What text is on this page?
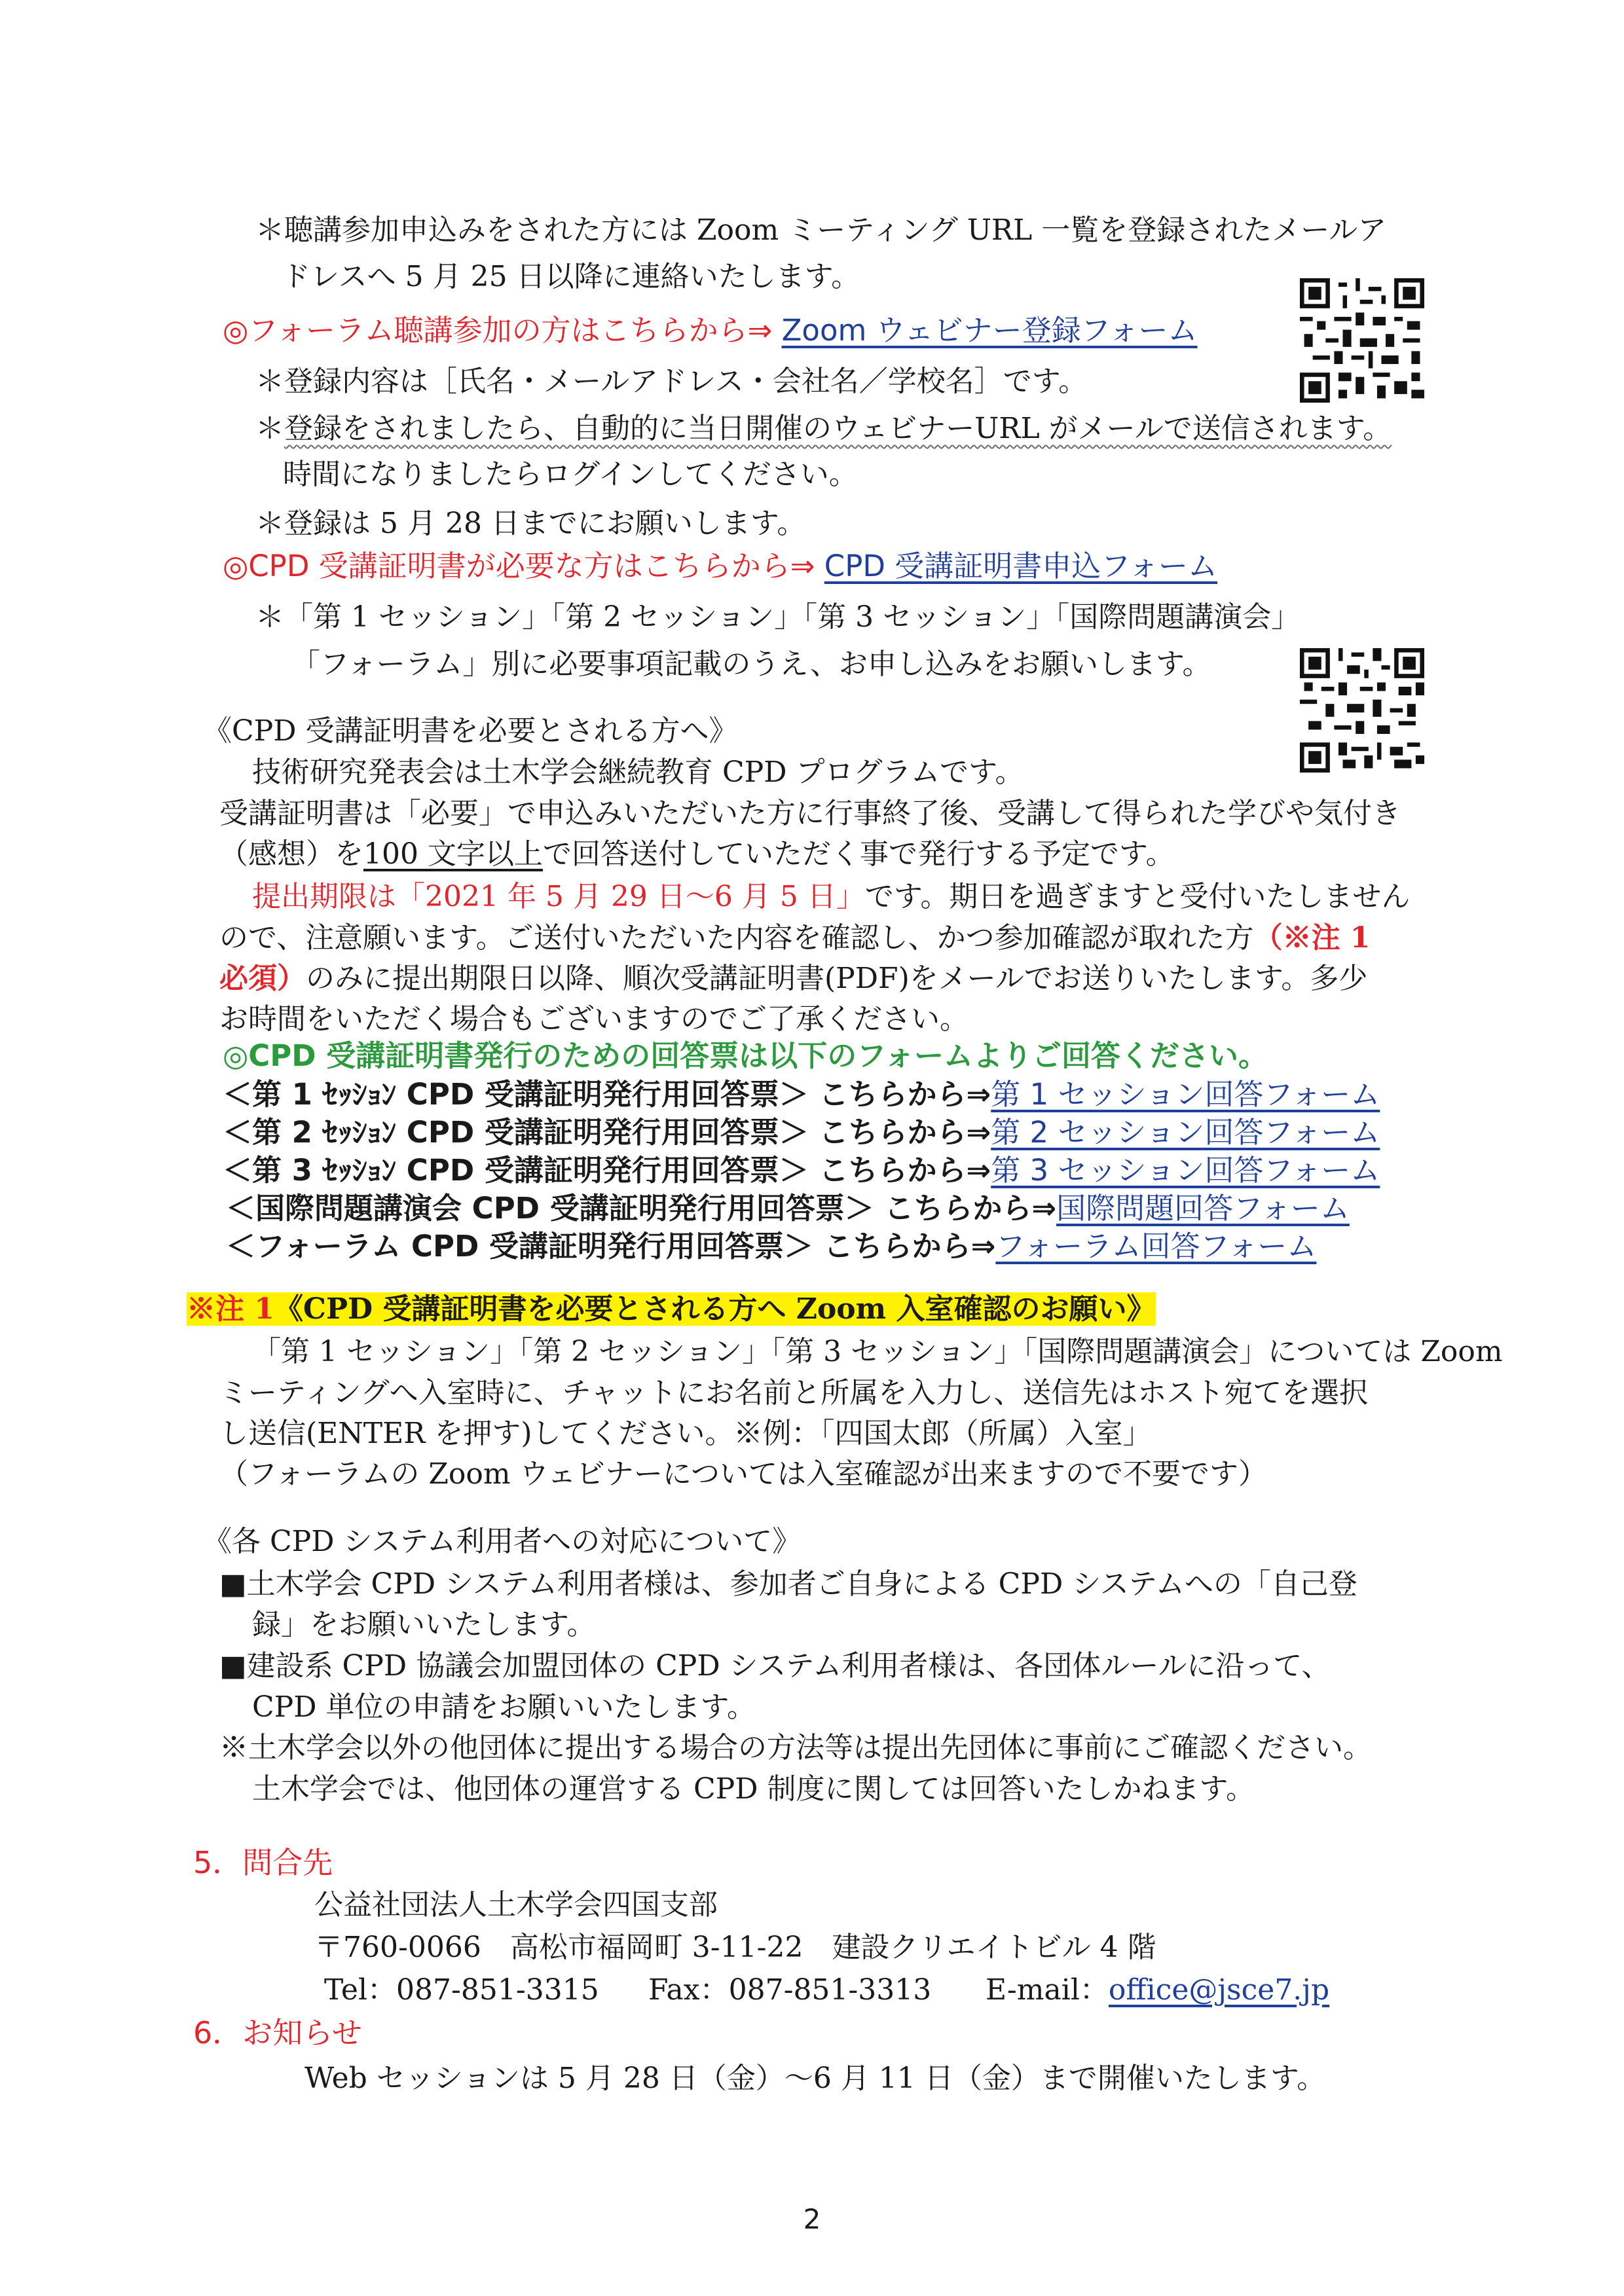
＊聴講参加申込みをされた方には Zoom ミーティング URL 一覧を登録されたメールア
ドレスへ 5 月 25 日以降に連絡いたします。
◎フォーラム聴講参加の方はこちらから⇒ Zoom ウェビナー登録フォーム
＊登録内容は［氏名・メールアドレス・会社名／学校名］です。
＊登録をされましたら、自動的に当日開催のウェビナーURL がメールで送信されます。
時間になりましたらログインしてください。
＊登録は 5 月 28 日までにお願いします。
◎CPD 受講証明書が必要な方はこちらから⇒ CPD 受講証明書申込フォーム
＊「第 1 セッション」「第 2 セッション」「第 3 セッション」「国際問題講演会」
「フォーラム」別に必要事項記載のうえ、お申し込みをお願いします。
《CPD 受講証明書を必要とされる方へ》
技術研究発表会は土木学会継続教育 CPD プログラムです。
受講証明書は「必要」で申込みいただいた方に行事終了後、受講して得られた学びや気付き
（感想）を100 文字以上で回答送付していただく事で発行する予定です。
提出期限は「2021 年 5 月 29 日～6 月 5 日」です。期日を過ぎますと受付いたしません
ので、注意願います。ご送付いただいた内容を確認し、かつ参加確認が取れた方（※注 1
必須）のみに提出期限日以降、順次受講証明書(PDF)をメールでお送りいたします。多少
お時間をいただく場合もございますのでご了承ください。
◎CPD 受講証明書発行のための回答票は以下のフォームよりご回答ください。
＜第 1 ｾｯｼｮﾝ CPD 受講証明発行用回答票＞ こちらから⇒第 1 セッション回答フォーム
＜第 2 ｾｯｼｮﾝ CPD 受講証明発行用回答票＞ こちらから⇒第 2 セッション回答フォーム
＜第 3 ｾｯｼｮﾝ CPD 受講証明発行用回答票＞ こちらから⇒第 3 セッション回答フォーム
＜国際問題講演会 CPD 受講証明発行用回答票＞ こちらから⇒国際問題回答フォーム
＜フォーラム CPD 受講証明発行用回答票＞ こちらから⇒フォーラム回答フォーム
※注 1《CPD 受講証明書を必要とされる方へ Zoom 入室確認のお願い》
「第 1 セッション」「第 2 セッション」「第 3 セッション」「国際問題講演会」については Zoom
ミーティングへ入室時に、チャットにお名前と所属を入力し、送信先はホスト宛てを選択
し送信(ENTER を押す)してください。※例：「四国太郎（所属）入室」
（フォーラムの Zoom ウェビナーについては入室確認が出来ますので不要です）
《各 CPD システム利用者への対応について》
■土木学会 CPD システム利用者様は、参加者ご自身による CPD システムへの「自己登
録」をお願いいたします。
■建設系 CPD 協議会加盟団体の CPD システム利用者様は、各団体ルールに沿って、
CPD 単位の申請をお願いいたします。
※土木学会以外の他団体に提出する場合の方法等は提出先団体に事前にご確認ください。
土木学会では、他団体の運営する CPD 制度に関しては回答いたしかねます。
5．問合先
公益社団法人土木学会四国支部
〒760-0066　高松市福岡町 3-11-22　建設クリエイトビル 4 階
Tel：087-851-3315 Fax：087-851-3313 E-mail：office@jsce7.jp
6．お知らせ
Web セッションは 5 月 28 日（金）～6 月 11 日（金）まで開催いたします。
2
